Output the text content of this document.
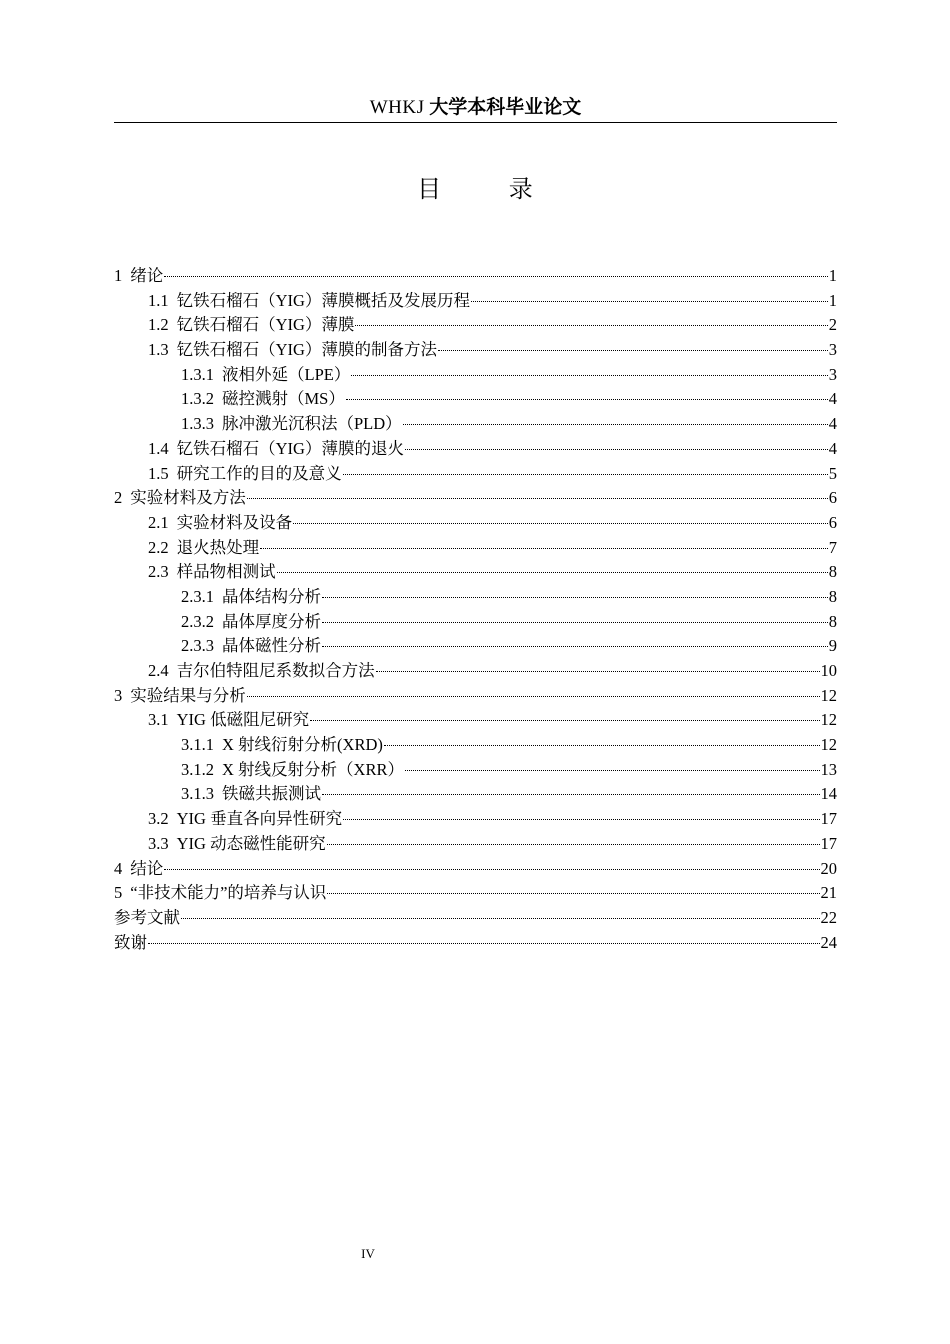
WHKJ 大学本科毕业论文
目 录
1 绪论	1
1.1 钇铁石榴石（YIG）薄膜概括及发展历程	1
1.2 钇铁石榴石（YIG）薄膜	2
1.3 钇铁石榴石（YIG）薄膜的制备方法	3
1.3.1 液相外延（LPE）	3
1.3.2 磁控溅射（MS）	4
1.3.3 脉冲激光沉积法（PLD）	4
1.4 钇铁石榴石（YIG）薄膜的退火	4
1.5 研究工作的目的及意义	5
2 实验材料及方法	6
2.1 实验材料及设备	6
2.2 退火热处理	7
2.3 样品物相测试	8
2.3.1 晶体结构分析	8
2.3.2 晶体厚度分析	8
2.3.3 晶体磁性分析	9
2.4 吉尔伯特阻尼系数拟合方法	10
3 实验结果与分析	12
3.1 YIG 低磁阻尼研究	12
3.1.1 X 射线衍射分析(XRD)	12
3.1.2 X 射线反射分析（XRR）	13
3.1.3 铁磁共振测试	14
3.2 YIG 垂直各向异性研究	17
3.3 YIG 动态磁性能研究	17
4 结论	20
5 “非技术能力”的培养与认识	21
参考文献	22
致谢	24
IV
